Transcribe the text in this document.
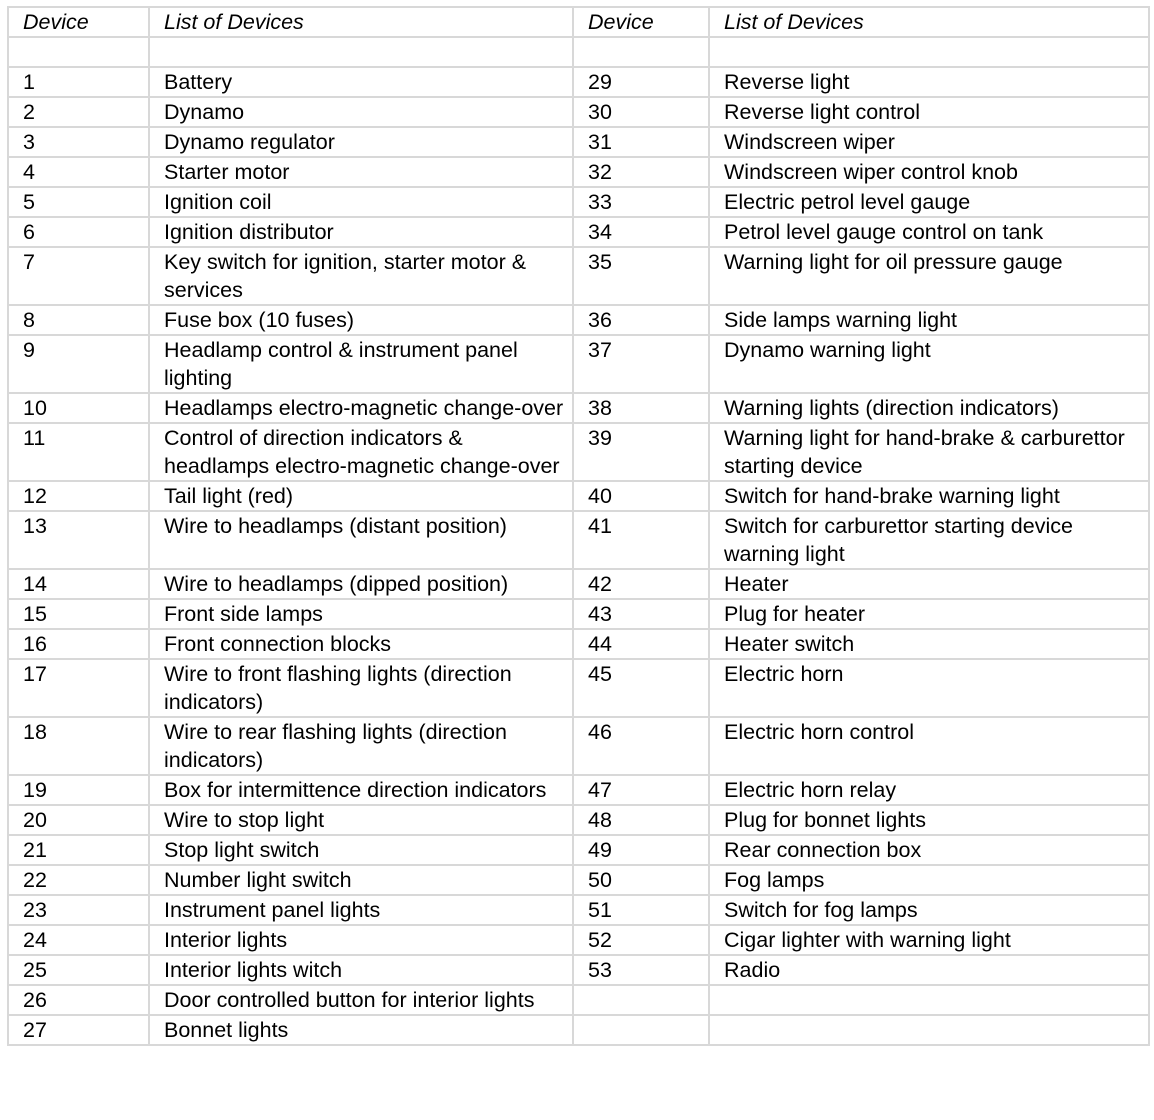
Device	List of Devices	Device	List of Devices

1	Battery	29	Reverse light
2	Dynamo	30	Reverse light control
3	Dynamo regulator	31	Windscreen wiper
4	Starter motor	32	Windscreen wiper control knob
5	Ignition coil	33	Electric petrol level gauge
6	Ignition distributor	34	Petrol level gauge control on tank
7	Key switch for ignition, starter motor & services	35	Warning light for oil pressure gauge
8	Fuse box (10 fuses)	36	Side lamps warning light
9	Headlamp control & instrument panel lighting	37	Dynamo warning light
10	Headlamps electro-magnetic change-over	38	Warning lights (direction indicators)
11	Control of direction indicators & headlamps electro-magnetic change-over	39	Warning light for hand-brake & carburettor starting device
12	Tail light (red)	40	Switch for hand-brake warning light
13	Wire to headlamps (distant position)	41	Switch for carburettor starting device warning light
14	Wire to headlamps (dipped position)	42	Heater
15	Front side lamps	43	Plug for heater
16	Front connection blocks	44	Heater switch
17	Wire to front flashing lights (direction indicators)	45	Electric horn
18	Wire to rear flashing lights (direction indicators)	46	Electric horn control
19	Box for intermittence direction indicators	47	Electric horn relay
20	Wire to stop light	48	Plug for bonnet lights
21	Stop light switch	49	Rear connection box
22	Number light switch	50	Fog lamps
23	Instrument panel lights	51	Switch for fog lamps
24	Interior lights	52	Cigar lighter with warning light
25	Interior lights witch	53	Radio
26	Door controlled button for interior lights		
27	Bonnet lights		
